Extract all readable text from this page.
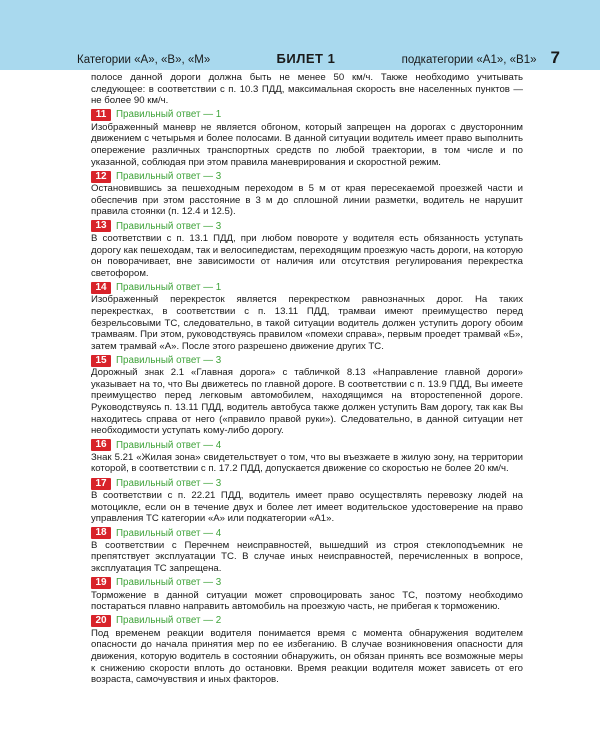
Категории «А», «В», «М»	БИЛЕТ 1	подкатегории «А1», «В1» 7

полосе данной дороги должна быть не менее 50 км/ч. Также необходимо учитывать следующее: в соответствии с п. 10.3 ПДД, максимальная скорость вне населенных пунктов — не более 90 км/ч.

11 Правильный ответ — 1

Изображенный маневр не является обгоном, который запрещен на дорогах с двусторонним движением с четырьмя и более полосами. В данной ситуации водитель имеет право выполнить опережение различных транспортных средств по любой траектории, в том числе и по указанной, соблюдая при этом правила маневрирования и скоростной режим.

12 Правильный ответ — 3

Остановившись за пешеходным переходом в 5 м от края пересекаемой проезжей части и обеспечив при этом расстояние в 3 м до сплошной линии разметки, водитель не нарушит правила стоянки (п. 12.4 и 12.5).

13 Правильный ответ — 3

В соответствии с п. 13.1 ПДД, при любом повороте у водителя есть обязанность уступать дорогу как пешеходам, так и велосипедистам, переходящим проезжую часть дороги, на которую он поворачивает, вне зависимости от наличия или отсутствия регулирования перекрестка светофором.

14 Правильный ответ — 1

Изображенный перекресток является перекрестком равнозначных дорог. На таких перекрестках, в соответствии с п. 13.11 ПДД, трамваи имеют преимущество перед безрельсовыми ТС, следовательно, в такой ситуации водитель должен уступить дорогу обоим трамваям. При этом, руководствуясь правилом «помехи справа», первым проедет трамвай «Б», затем трамвай «А». После этого разрешено движение других ТС.

15 Правильный ответ — 3

Дорожный знак 2.1 «Главная дорога» с табличкой 8.13 «Направление главной дороги» указывает на то, что Вы движетесь по главной дороге. В соответствии с п. 13.9 ПДД, Вы имеете преимущество перед легковым автомобилем, находящимся на второстепенной дороге. Руководствуясь п. 13.11 ПДД, водитель автобуса также должен уступить Вам дорогу, так как Вы находитесь справа от него («правило правой руки»). Следовательно, в данной ситуации нет необходимости уступать кому-либо дорогу.

16 Правильный ответ — 4

Знак 5.21 «Жилая зона» свидетельствует о том, что вы въезжаете в жилую зону, на территории которой, в соответствии с п. 17.2 ПДД, допускается движение со скоростью не более 20 км/ч.

17 Правильный ответ — 3

В соответствии с п. 22.21 ПДД, водитель имеет право осуществлять перевозку людей на мотоцикле, если он в течение двух и более лет имеет водительское удостоверение на право управления ТС категории «А» или подкатегории «А1».

18 Правильный ответ — 4

В соответствии с Перечнем неисправностей, вышедший из строя стеклоподъемник не препятствует эксплуатации ТС. В случае иных неисправностей, перечисленных в вопросе, эксплуатация ТС запрещена.

19 Правильный ответ — 3

Торможение в данной ситуации может спровоцировать занос ТС, поэтому необходимо постараться плавно направить автомобиль на проезжую часть, не прибегая к торможению.

20 Правильный ответ — 2

Под временем реакции водителя понимается время с момента обнаружения водителем опасности до начала принятия мер по ее избеганию. В случае возникновения опасности для движения, которую водитель в состоянии обнаружить, он обязан принять все возможные меры к снижению скорости вплоть до остановки. Время реакции водителя может зависеть от его возраста, самочувствия и иных факторов.
